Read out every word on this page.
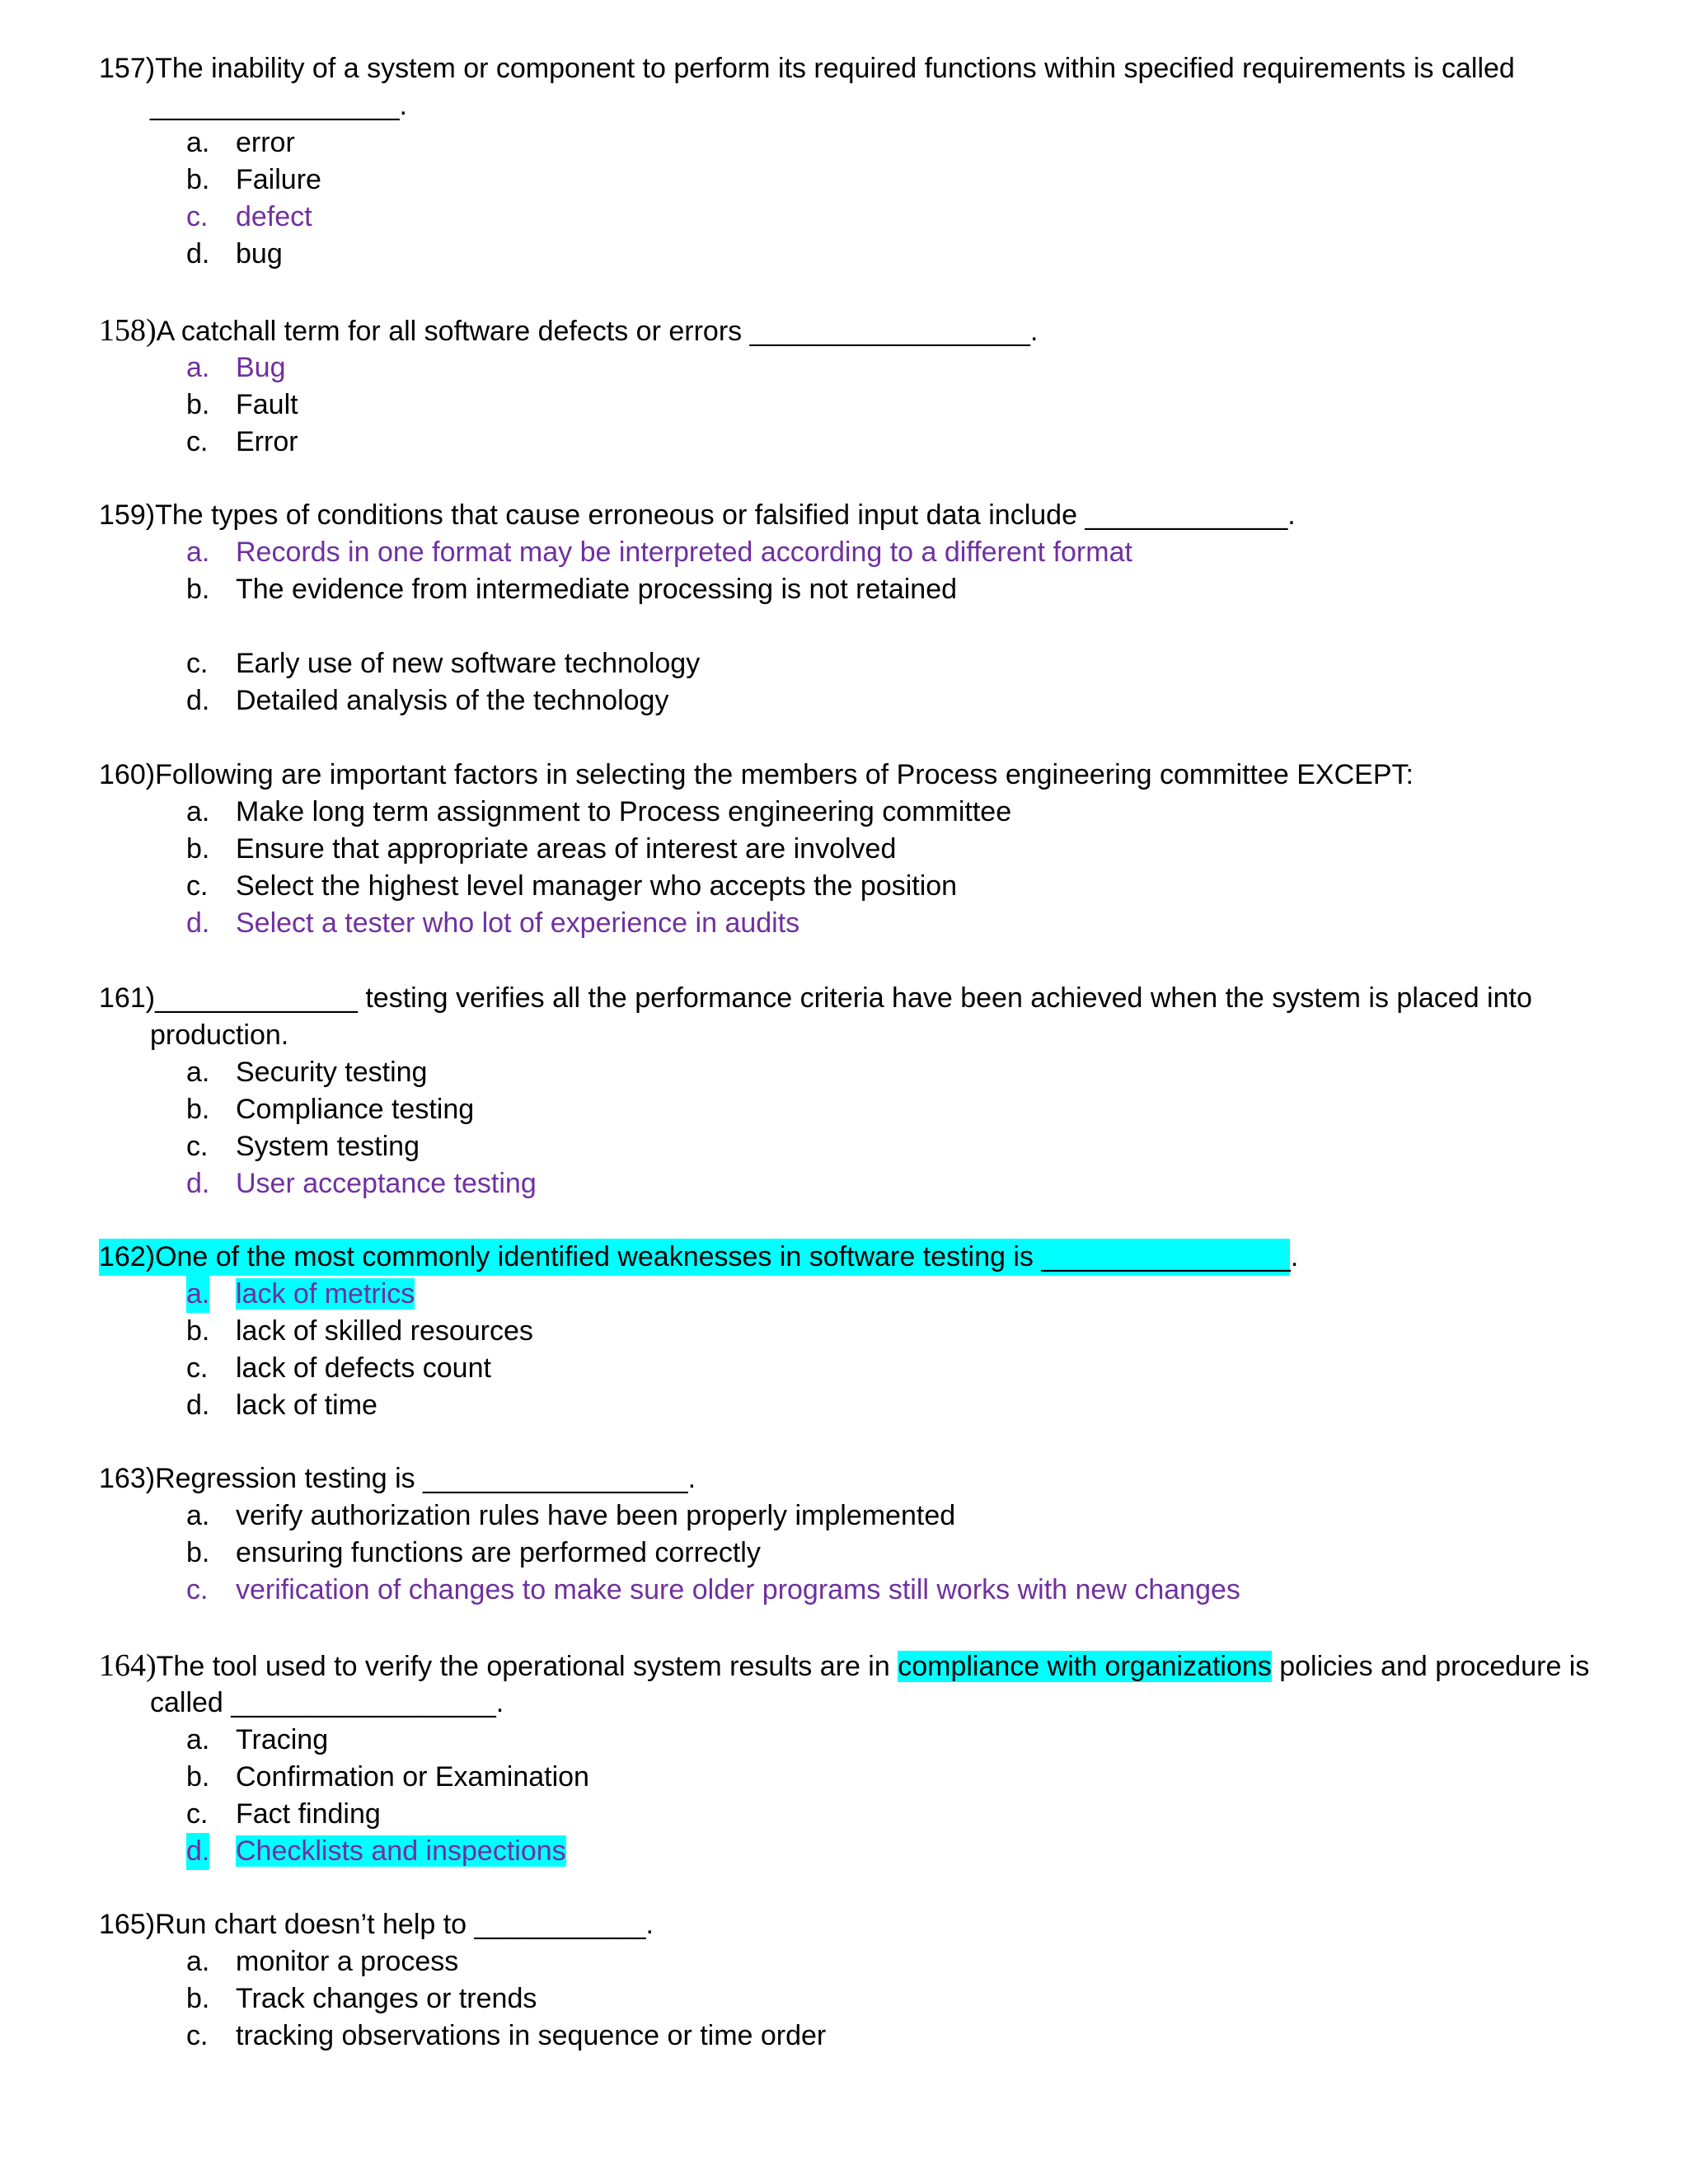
157)The inability of a system or component to perform its required functions within specified requirements is called
________________.
a. error
b. Failure
c. defect
d. bug
158)A catchall term for all software defects or errors __________________.
a. Bug
b. Fault
c. Error
159)The types of conditions that cause erroneous or falsified input data include _____________.
a. Records in one format may be interpreted according to a different format
b. The evidence from intermediate processing is not retained
c. Early use of new software technology
d. Detailed analysis of the technology
160)Following are important factors in selecting the members of Process engineering committee EXCEPT:
a. Make long term assignment to Process engineering committee
b. Ensure that appropriate areas of interest are involved
c. Select the highest level manager who accepts the position
d. Select a tester who lot of experience in audits
161)_____________ testing verifies all the performance criteria have been achieved when the system is placed into
production.
a. Security testing
b. Compliance testing
c. System testing
d. User acceptance testing
162)One of the most commonly identified weaknesses in software testing is ________________.
a. lack of metrics
b. lack of skilled resources
c. lack of defects count
d. lack of time
163)Regression testing is _________________.
a. verify authorization rules have been properly implemented
b. ensuring functions are performed correctly
c. verification of changes to make sure older programs still works with new changes
164)The tool used to verify the operational system results are in compliance with organizations policies and procedure is
called _________________.
a. Tracing
b. Confirmation or Examination
c. Fact finding
d. Checklists and inspections
165)Run chart doesn’t help to ___________.
a. monitor a process
b. Track changes or trends
c. tracking observations in sequence or time order
